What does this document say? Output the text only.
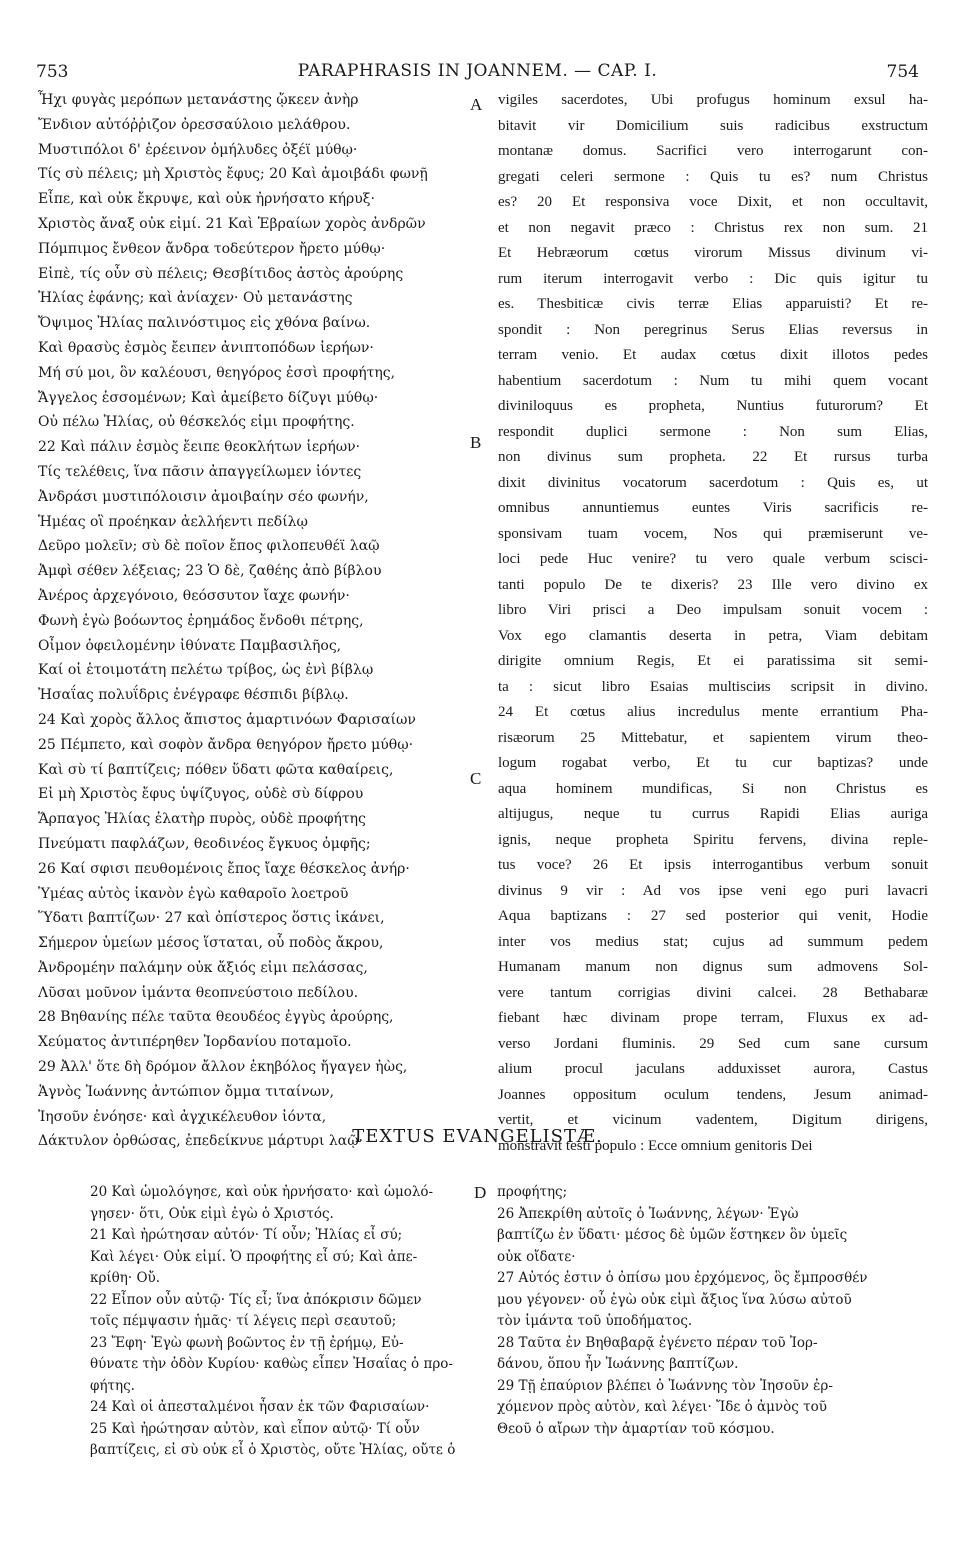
753	PARAPHRASIS IN JOANNEM. — CAP. I.	754
Ἦχι φυγὰς μερόπων μετανάστης ᾤκεεν ἀνὴρ
Ἔνδιον αὐτόῤῥιζον ὀρεσσαύλοιο μελάθρου.
Μυστιπόλοι δ' ἐρέεινον ὁμήλυδες ὀξέϊ μύθῳ·
Τίς σὺ πέλεις; μὴ Χριστὸς ἔφυς; 20 Καὶ ἀμοιβάδι φωνῇ
Εἶπε, καὶ οὐκ ἔκρυψε, καὶ οὐκ ἠρνήσατο κήρυξ·
Χριστὸς ἄναξ οὐκ εἰμί. 21 Καὶ Ἑβραίων χορὸς ἀνδρῶν
Πόμπιμος ἔνθεον ἄνδρα τοδεύτερον ἤρετο μύθῳ·
Εἰπὲ, τίς οὖν σὺ πέλεις; Θεσβίτιδος ἀστὸς ἀρούρης
Ἠλίας ἐφάνης; καὶ ἀνίαχεν· Οὐ μετανάστης
Ὄψιμος Ἠλίας παλινόστιμος εἰς χθόνα βαίνω.
Καὶ θρασὺς ἐσμὸς ἔειπεν ἀνιπτοπόδων ἱερήων·
Μή σύ μοι, ὃν καλέουσι, θεηγόρος ἐσσὶ προφήτης,
Ἄγγελος ἐσσομένων; Καὶ ἀμείβετο δίζυγι μύθῳ·
Οὐ πέλω Ἠλίας, οὐ θέσκελός εἰμι προφήτης.
22 Καὶ πάλιν ἐσμὸς ἔειπε θεοκλήτων ἱερήων·
Τίς τελέθεις, ἵνα πᾶσιν ἀπαγγείλωμεν ἰόντες
Ἀνδράσι μυστιπόλοισιν ἀμοιβαίην σέο φωνήν,
Ἡμέας οἳ προέηκαν ἀελλήεντι πεδίλῳ
Δεῦρο μολεῖν; σὺ δὲ ποῖον ἔπος φιλοπευθέϊ λαῷ
Ἀμφὶ σέθεν λέξειας; 23 Ὁ δὲ, ζαθέης ἀπὸ βίβλου
Ἀνέρος ἀρχεγόνοιο, θεόσσυτον ἴαχε φωνήν·
Φωνὴ ἐγὼ βοόωντος ἐρημάδος ἔνδοθι πέτρης,
Οἶμον ὀφειλομένην ἰθύνατε Παμβασιλῆος,
Καί οἱ ἑτοιμοτάτη πελέτω τρίβος, ὡς ἐνὶ βίβλῳ
Ἠσαΐας πολυΐδρις ἐνέγραφε θέσπιδι βίβλῳ.
24 Καὶ χορὸς ἄλλος ἄπιστος ἁμαρτινόων Φαρισαίων
25 Πέμπετο, καὶ σοφὸν ἄνδρα θεηγόρον ἤρετο μύθῳ·
Καὶ σὺ τί βαπτίζεις; πόθεν ὕδατι φῶτα καθαίρεις,
Εἰ μὴ Χριστὸς ἔφυς ὑψίζυγος, οὐδὲ σὺ δίφρου
Ἅρπαγος Ἠλίας ἐλατὴρ πυρὸς, οὐδὲ προφήτης
Πνεύματι παφλάζων, θεοδινέος ἔγκυος ὀμφῆς;
26 Καί σφισι πευθομένοις ἔπος ἴαχε θέσκελος ἀνήρ·
Ὑμέας αὐτὸς ἱκανὸν ἐγὼ καθαροῖο λοετροῦ
Ὕδατι βαπτίζων· 27 καὶ ὀπίστερος ὅστις ἱκάνει,
Σήμερον ὑμείων μέσος ἵσταται, οὗ ποδὸς ἄκρου,
Ἀνδρομέην παλάμην οὐκ ἄξιός εἰμι πελάσσας,
Λῦσαι μοῦνον ἱμάντα θεοπνεύστοιο πεδίλου.
28 Βηθανίης πέλε ταῦτα θεουδέος ἐγγὺς ἀρούρης,
Χεύματος ἀντιπέρηθεν Ἰορδανίου ποταμοῖο.
29 Ἀλλ' ὅτε δὴ δρόμον ἄλλον ἑκηβόλος ἤγαγεν ἠὼς,
Ἁγνὸς Ἰωάννης ἀντώπιον ὄμμα τιταίνων,
Ἰησοῦν ἐνόησε· καὶ ἀγχικέλευθον ἰόντα,
Δάκτυλον ὀρθώσας, ἐπεδείκνυε μάρτυρι λαῷ·
vigiles sacerdotes, Ubi profugus hominum exsul ha-
bitavit vir Domicilium suis radicibus exstructum
montanæ domus. Sacrifici vero interrogarunt con-
gregati celeri sermone : Quis tu es? num Christus
es? 20 Et responsiva voce Dixit, et non occultavit,
et non negavit præco : Christus rex non sum. 21
Et Hebræorum cœtus virorum Missus divinum vi-
rum iterum interrogavit verbo : Dic quis igitur tu
es. Thesbiticæ civis terræ Elias apparuisti? Et re-
spondit : Non peregrinus Serus Elias reversus in
terram venio. Et audax cœtus dixit illotos pedes
habentium sacerdotum : Num tu mihi quem vocant
diviniloquus es propheta, Nuntius futurorum? Et
respondit duplici sermone : Non sum Elias,
non divinus sum propheta. 22 Et rursus turba
dixit divinitus vocatorum sacerdotum : Quis es, ut
omnibus annuntiemus euntes Viris sacrificis re-
sponsivam tuam vocem, Nos qui præmiserunt ve-
loci pede Huc venire? tu vero quale verbum sciscі-
tanti populo De te dixeris? 23 Ille vero divino ex
libro Viri prisci a Deo impulsam sonuit vocem :
Vox ego clamantis deserta in petra, Viam debitam
dirigite omnium Regis, Et ei paratissima sit semi-
ta : sicut libro Esaias multisciиs scripsit in divino.
24 Et cœtus alius incredulus mente errantium Pha-
risæorum 25 Mittebatur, et sapientem virum theo-
logum rogabat verbo, Et tu cur baptizas? unde
aqua hominem mundificas, Si non Christus es
altijugus, neque tu currus Rapidi Elias auriga
ignis, neque propheta Spiritu fervens, divina reple-
tus voce? 26 Et ipsis interrogantibus verbum sonuit
divinus 9 vir : Ad vos ipse veni ego puri lavacri
Aqua baptizans : 27 sed posterior qui venit, Hodie
inter vos medius stat; cujus ad summum pedem
Humanam manum non dignus sum admovens Sol-
vere tantum corrigias divini calcei. 28 Bethabaræ
fiebant hæc divinam prope terram, Fluxus ex ad-
verso Jordani fluminis. 29 Sed cum sane cursum
alium procul jaculans adduxisset aurora, Castus
Joannes oppositum oculum tendens, Jesum animad-
vertit, et vicinum vadentem, Digitum dirigens,
monstravit testi populo : Ecce omnium genitoris Dei
A
B
C
D
TEXTUS EVANGELISTÆ.
20 Καὶ ὡμολόγησε, καὶ οὐκ ἠρνήσατο· καὶ ὡμολό-
γησεν· ὅτι, Οὐκ εἰμὶ ἐγὼ ὁ Χριστός.
21 Καὶ ἠρώτησαν αὐτόν· Τί οὖν; Ἠλίας εἶ σύ;
Καὶ λέγει· Οὐκ εἰμί. Ὁ προφήτης εἶ σύ; Καὶ ἀπε-
κρίθη· Οὔ.
22 Εἶπον οὖν αὐτῷ· Τίς εἶ; ἵνα ἀπόκρισιν δῶμεν
τοῖς πέμψασιν ἡμᾶς· τί λέγεις περὶ σεαυτοῦ;
23 Ἔφη· Ἐγὼ φωνὴ βοῶντος ἐν τῇ ἐρήμῳ, Εὐ-
θύνατε τὴν ὁδὸν Κυρίου· καθὼς εἶπεν Ἠσαΐας ὁ προ-
φήτης.
24 Καὶ οἱ ἀπεσταλμένοι ἦσαν ἐκ τῶν Φαρισαίων·
25 Καὶ ἠρώτησαν αὐτὸν, καὶ εἶπον αὐτῷ· Τί οὖν
βαπτίζεις, εἰ σὺ οὐκ εἶ ὁ Χριστὸς, οὔτε Ἠλίας, οὔτε ὁ
προφήτης;
26 Ἀπεκρίθη αὐτοῖς ὁ Ἰωάννης, λέγων· Ἐγὼ
βαπτίζω ἐν ὕδατι· μέσος δὲ ὑμῶν ἕστηκεν ὃν ὑμεῖς
οὐκ οἴδατε·
27 Αὐτός ἐστιν ὁ ὀπίσω μου ἐρχόμενος, ὃς ἔμπροσθέν
μου γέγονεν· οὗ ἐγὼ οὐκ εἰμὶ ἄξιος ἵνα λύσω αὐτοῦ
τὸν ἱμάντα τοῦ ὑποδήματος.
28 Ταῦτα ἐν Βηθαβαρᾷ ἐγένετο πέραν τοῦ Ἰορ-
δάνου, ὅπου ἦν Ἰωάννης βαπτίζων.
29 Τῇ ἐπαύριον βλέπει ὁ Ἰωάννης τὸν Ἰησοῦν ἐρ-
χόμενον πρὸς αὐτὸν, καὶ λέγει· Ἴδε ὁ ἀμνὸς τοῦ
Θεοῦ ὁ αἴρων τὴν ἁμαρτίαν τοῦ κόσμου.
